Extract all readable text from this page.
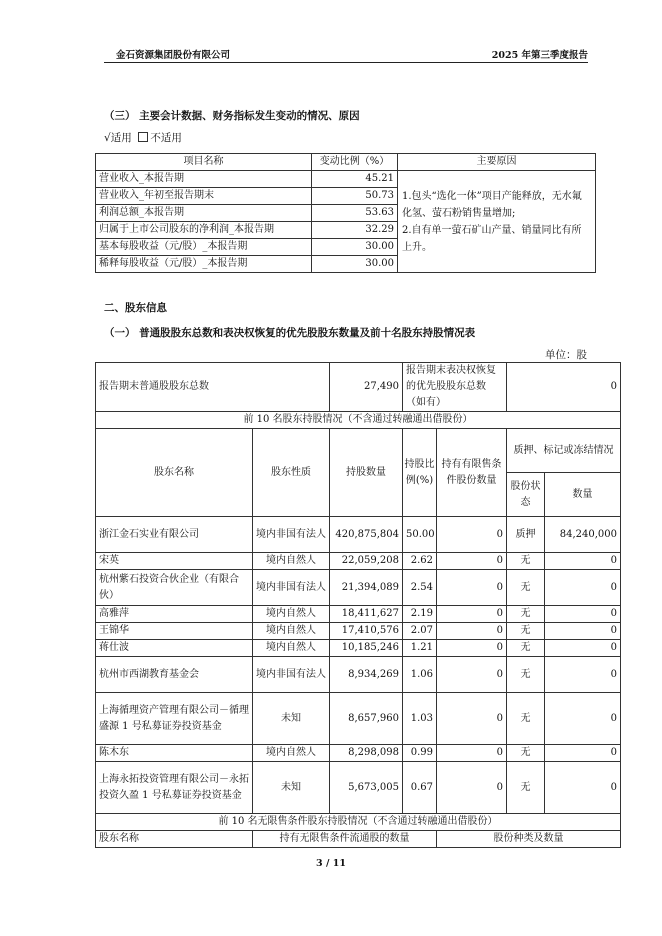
金石资源集团股份有限公司	2025 年第三季度报告
（三） 主要会计数据、财务指标发生变动的情况、原因
√适用 不适用
项目名称	变动比例（%）	主要原因
营业收入_本报告期	45.21	1.包头“选化一体”项目产能释放，无水氟化氢、萤石粉销售量增加;
2.自有单一萤石矿山产量、销量同比有所上升。
营业收入_年初至报告期末	50.73	
利润总额_本报告期	53.63	
归属于上市公司股东的净利润_本报告期	32.29	
基本每股收益（元/股）_本报告期	30.00	
稀释每股收益（元/股）_本报告期	30.00	
二、股东信息
（一） 普通股股东总数和表决权恢复的优先股股东数量及前十名股东持股情况表
单位：股
报告期末普通股股东总数		27,490	报告期末表决权恢复的优先股股东总数（如有）		0	
前 10 名股东持股情况（不含通过转融通出借股份）						
股东名称	股东性质	持股数量	持股比例(%)	持有有限售条件股份数量	质押、标记或冻结情况	
					股份状态	数量
浙江金石实业有限公司	境内非国有法人	420,875,804	50.00	0	质押	84,240,000
宋英	境内自然人	22,059,208	2.62	0	无	0
杭州紫石投资合伙企业（有限合伙）	境内非国有法人	21,394,089	2.54	0	无	0
高雅萍	境内自然人	18,411,627	2.19	0	无	0
王锦华	境内自然人	17,410,576	2.07	0	无	0
蒋仕波	境内自然人	10,185,246	1.21	0	无	0
杭州市西湖教育基金会	境内非国有法人	8,934,269	1.06	0	无	0
上海循理资产管理有限公司－循理盛源 1 号私募证券投资基金	未知	8,657,960	1.03	0	无	0
陈木东	境内自然人	8,298,098	0.99	0	无	0
上海永拓投资管理有限公司－永拓投资久盈 1 号私募证券投资基金	未知	5,673,005	0.67	0	无	0
前 10 名无限售条件股东持股情况（不含通过转融通出借股份）						
股东名称	持有无限售条件流通股的数量			股份种类及数量		
3 / 11
